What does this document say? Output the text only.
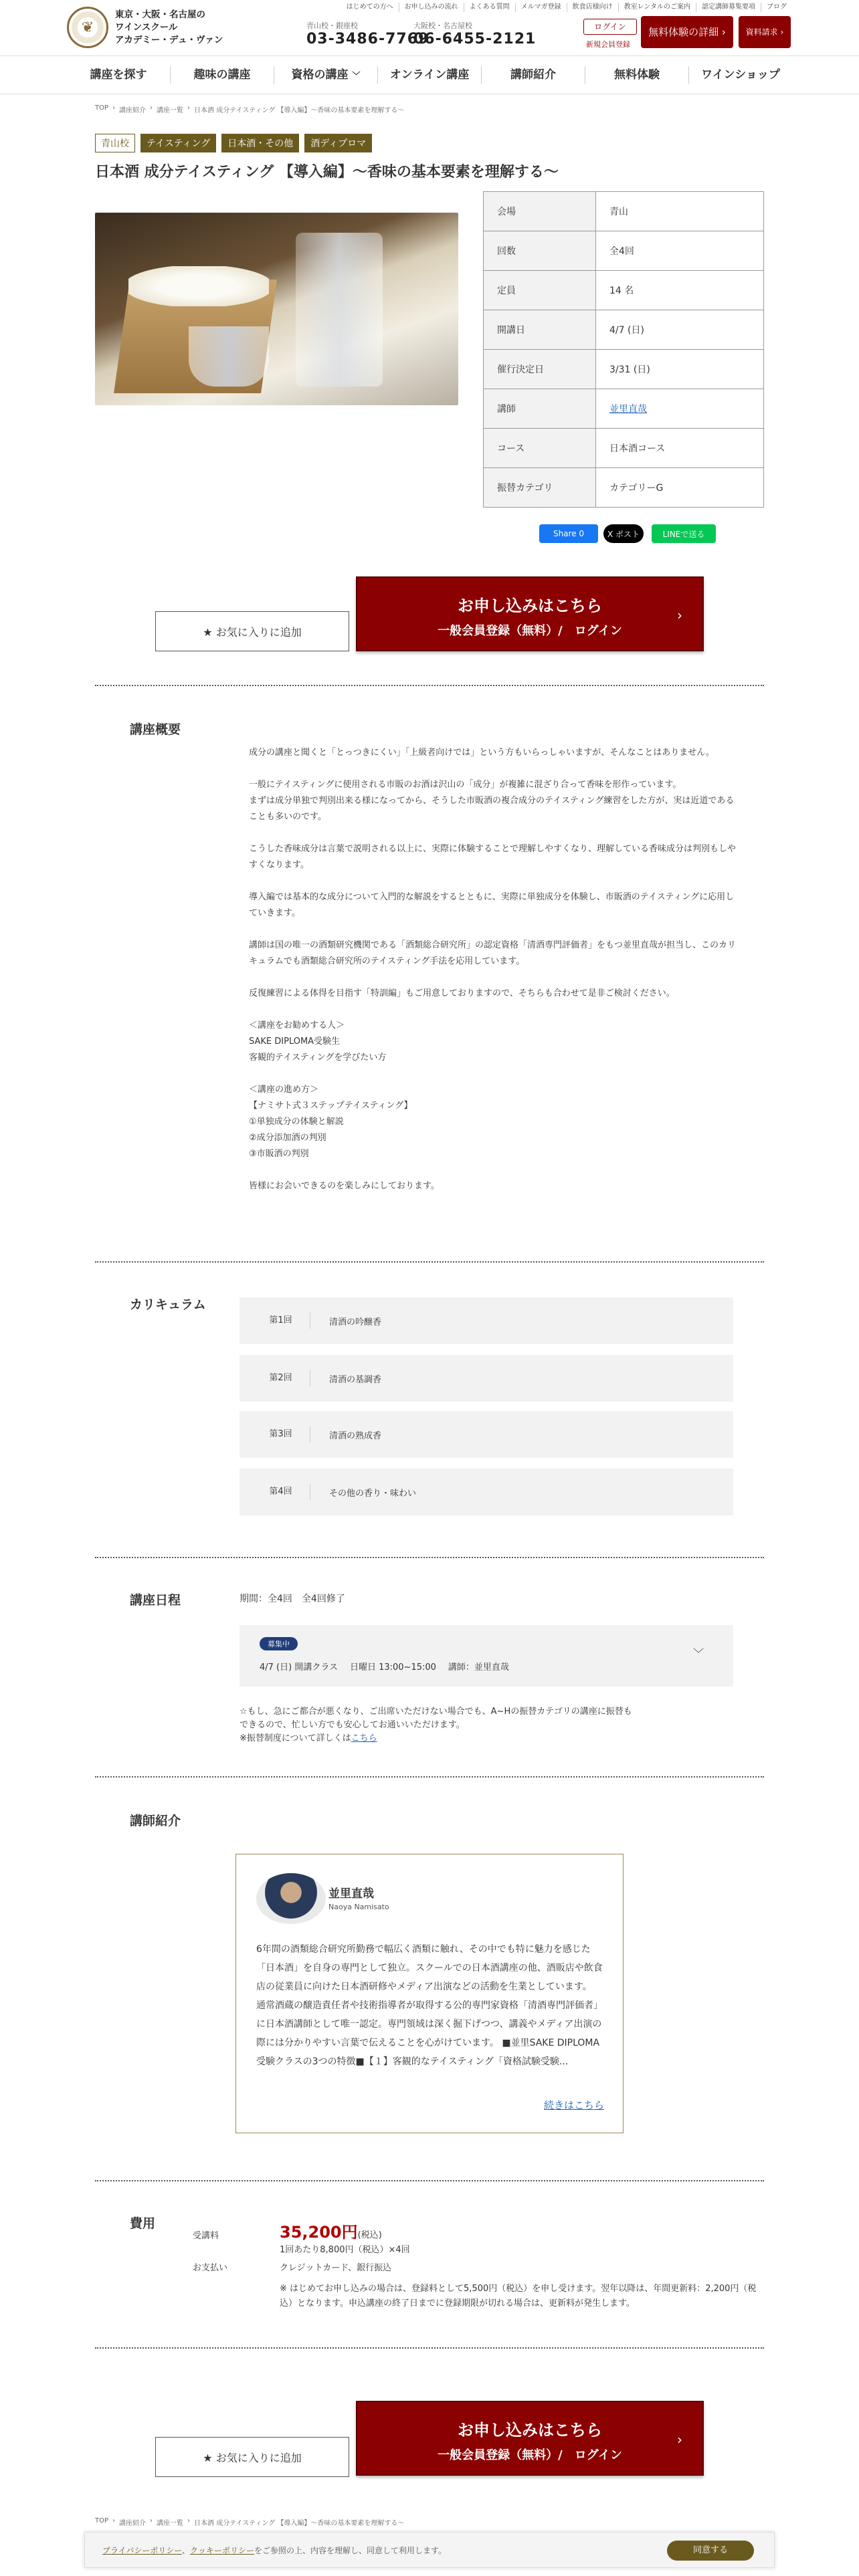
❦
東京・大阪・名古屋の
ワインスクール
アカデミー・デュ・ヴァン
はじめての方へ	お申し込みの流れ	よくある質問	メルマガ登録	飲食店様向け	教室レンタルのご案内	認定講師募集要項	ブログ
青山校・銀座校
03-3486-7769
大阪校・名古屋校
06-6455-2121
ログイン
新規会員登録
無料体験の詳細 ›	資料請求 ›
講座を探す	趣味の講座	資格の講座 ﹀	オンライン講座	講師紹介	無料体験	ワインショップ
TOP › 講座紹介 › 講座一覧 › 日本酒 成分テイスティング 【導入編】～香味の基本要素を理解する～
青山校	テイスティング	日本酒・その他	酒ディプロマ
日本酒 成分テイスティング 【導入編】～香味の基本要素を理解する～
会場	青山
回数	全4回
定員	14 名
開講日	4/7 (日)
催行決定日	3/31 (日)
講師	並里直哉
コース	日本酒コース
振替カテゴリ	カテゴリーG
Share 0	X ポスト	LINEで送る
★ お気に入りに追加
お申し込みはこちら
一般会員登録（無料）/　ログイン
›
講座概要

成分の講座と聞くと「とっつきにくい」「上級者向けでは」という方もいらっしゃいますが、そんなことはありません。

一般にテイスティングに使用される市販のお酒は沢山の「成分」が複雑に混ざり合って香味を形作っています。
まずは成分単独で判別出来る様になってから、そうした市販酒の複合成分のテイスティング練習をした方が、実は近道であることも多いのです。

こうした香味成分は言葉で説明される以上に、実際に体験することで理解しやすくなり、理解している香味成分は判別もしやすくなります。

導入編では基本的な成分について入門的な解説をするとともに、実際に単独成分を体験し、市販酒のテイスティングに応用していきます。

講師は国の唯一の酒類研究機関である「酒類総合研究所」の認定資格「清酒専門評価者」をもつ並里直哉が担当し、このカリキュラムでも酒類総合研究所のテイスティング手法を応用しています。

反復練習による体得を目指す「特訓編」もご用意しておりますので、そちらも合わせて是非ご検討ください。

＜講座をお勧めする人＞
SAKE DIPLOMA受験生
客観的テイスティングを学びたい方

＜講座の進め方＞
【ナミサト式３ステップテイスティング】
①単独成分の体験と解説
②成分添加酒の判別
③市販酒の判別

皆様にお会いできるのを楽しみにしております。

カリキュラム
第1回	清酒の吟醸香
第2回	清酒の基調香
第3回	清酒の熟成香
第4回	その他の香り・味わい
講座日程	期間：全4回　全4回修了
募集中
4/7 (日) 開講クラス 日曜日 13:00~15:00 講師：並里直哉
﹀
☆もし、急にご都合が悪くなり、ご出席いただけない場合でも、A~Hの振替カテゴリの講座に振替も
できるので、忙しい方でも安心してお通いいただけます。
※振替制度について詳しくはこちら
講師紹介
並里直哉
Naoya Namisato
6年間の酒類総合研究所勤務で幅広く酒類に触れ、その中でも特に魅力を感じた「日本酒」を自身の専門として独立。スクールでの日本酒講座の他、酒販店や飲食店の従業員に向けた日本酒研修やメディア出演などの活動を生業としています。 通常酒蔵の醸造責任者や技術指導者が取得する公的専門家資格「清酒専門評価者」に日本酒講師として唯一認定。専門領域は深く掘下げつつ、講義やメディア出演の際には分かりやすい言葉で伝えることを心がけています。 ■並里SAKE DIPLOMA受験クラスの3つの特徴■【１】客観的なテイスティング「資格試験受験...
続きはこちら
費用
受講料	35,200円(税込)
1回あたり8,800円（税込）×4回
お支払い	クレジットカード、銀行振込
※ はじめてお申し込みの場合は、登録料として5,500円（税込）を申し受けます。翌年以降は、年間更新料：2,200円（税込）となります。申込講座の終了日までに登録期限が切れる場合は、更新料が発生します。
★ お気に入りに追加
お申し込みはこちら
一般会員登録（無料）/　ログイン
›
TOP › 講座紹介 › 講座一覧 › 日本酒 成分テイスティング 【導入編】～香味の基本要素を理解する～
プライバシーポリシー、クッキーポリシーをご参照の上、内容を理解し、同意して利用します。	同意する
